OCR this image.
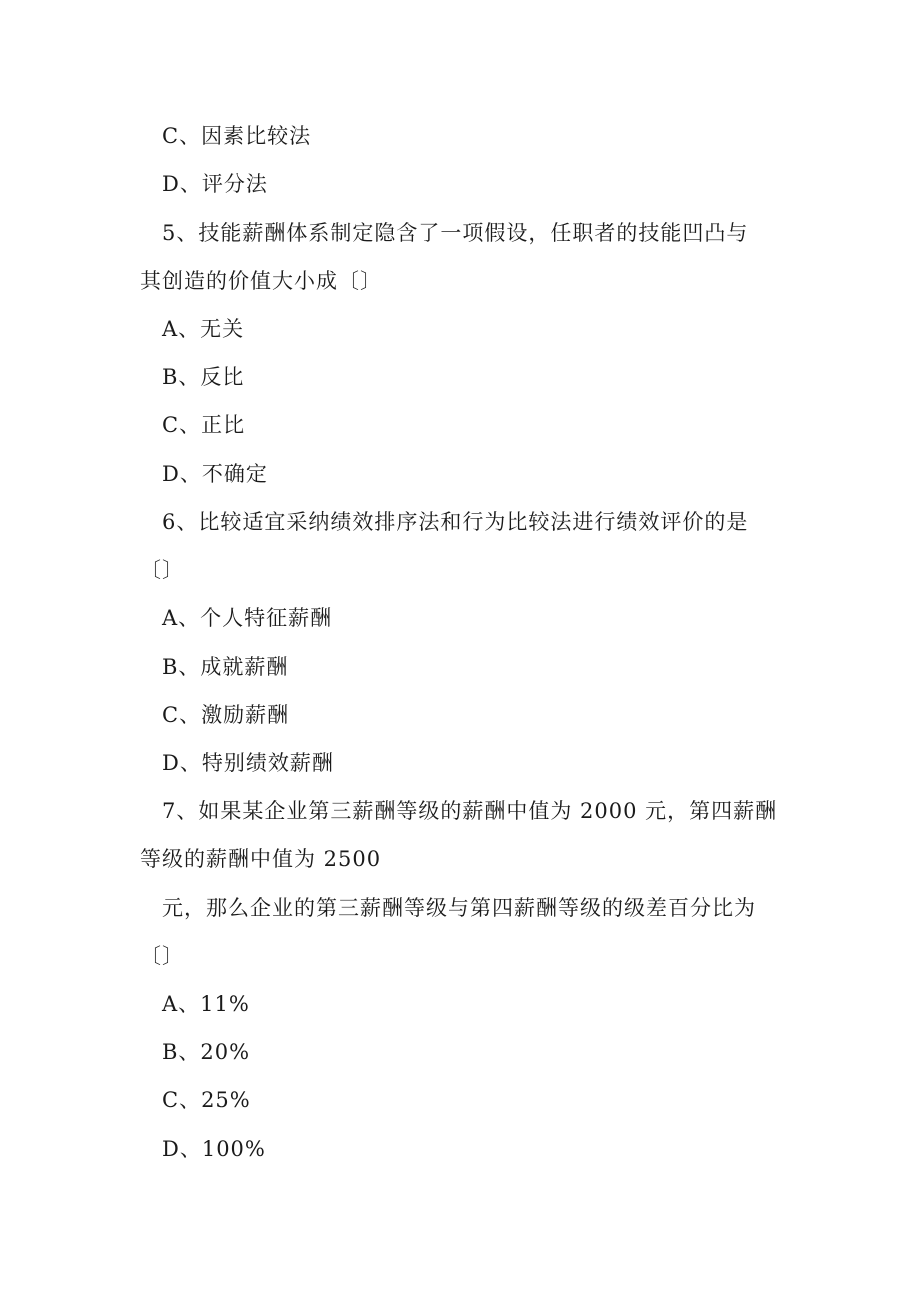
C、因素比较法
D、评分法
5、技能薪酬体系制定隐含了一项假设，任职者的技能凹凸与
其创造的价值大小成〔〕
A、无关
B、反比
C、正比
D、不确定
6、比较适宜采纳绩效排序法和行为比较法进行绩效评价的是
〔〕
A、个人特征薪酬
B、成就薪酬
C、激励薪酬
D、特别绩效薪酬
7、如果某企业第三薪酬等级的薪酬中值为 2000 元，第四薪酬
等级的薪酬中值为 2500
元，那么企业的第三薪酬等级与第四薪酬等级的级差百分比为
〔〕
A、11%
B、20%
C、25%
D、100%
